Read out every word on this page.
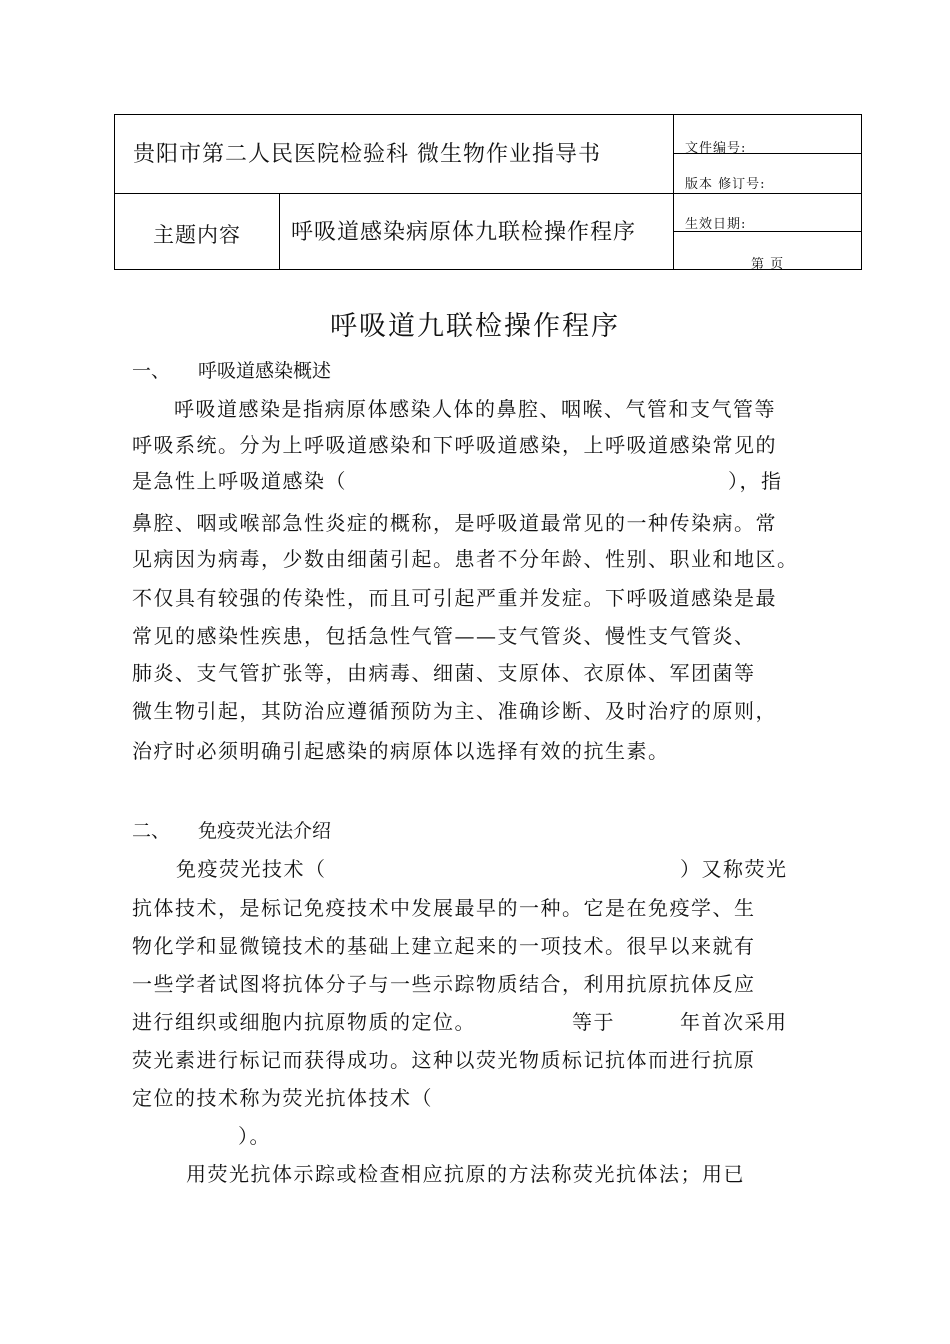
贵阳市第二人民医院检验科 微生物作业指导书
主题内容 呼吸道感染病原体九联检操作程序
文件编号:
版本 修订号:
生效日期:
第 页
呼吸道九联检操作程序
一、 呼吸道感染概述
呼吸道感染是指病原体感染人体的鼻腔、咽喉、气管和支气管等
呼吸系统。分为上呼吸道感染和下呼吸道感染，上呼吸道感染常见的
是急性上呼吸道感染（	），指
鼻腔、咽或喉部急性炎症的概称，是呼吸道最常见的一种传染病。常
见病因为病毒，少数由细菌引起。患者不分年龄、性别、职业和地区。
不仅具有较强的传染性，而且可引起严重并发症。下呼吸道感染是最
常见的感染性疾患，包括急性气管——支气管炎、慢性支气管炎、
肺炎、支气管扩张等，由病毒、细菌、支原体、衣原体、军团菌等
微生物引起，其防治应遵循预防为主、准确诊断、及时治疗的原则，
治疗时必须明确引起感染的病原体以选择有效的抗生素。
二、 免疫荧光法介绍
免疫荧光技术（	）又称荧光
抗体技术，是标记免疫技术中发展最早的一种。它是在免疫学、生
物化学和显微镜技术的基础上建立起来的一项技术。很早以来就有
一些学者试图将抗体分子与一些示踪物质结合，利用抗原抗体反应
进行组织或细胞内抗原物质的定位。	等于	年首次采用
荧光素进行标记而获得成功。这种以荧光物质标记抗体而进行抗原
定位的技术称为荧光抗体技术（
）。
用荧光抗体示踪或检查相应抗原的方法称荧光抗体法；用已
